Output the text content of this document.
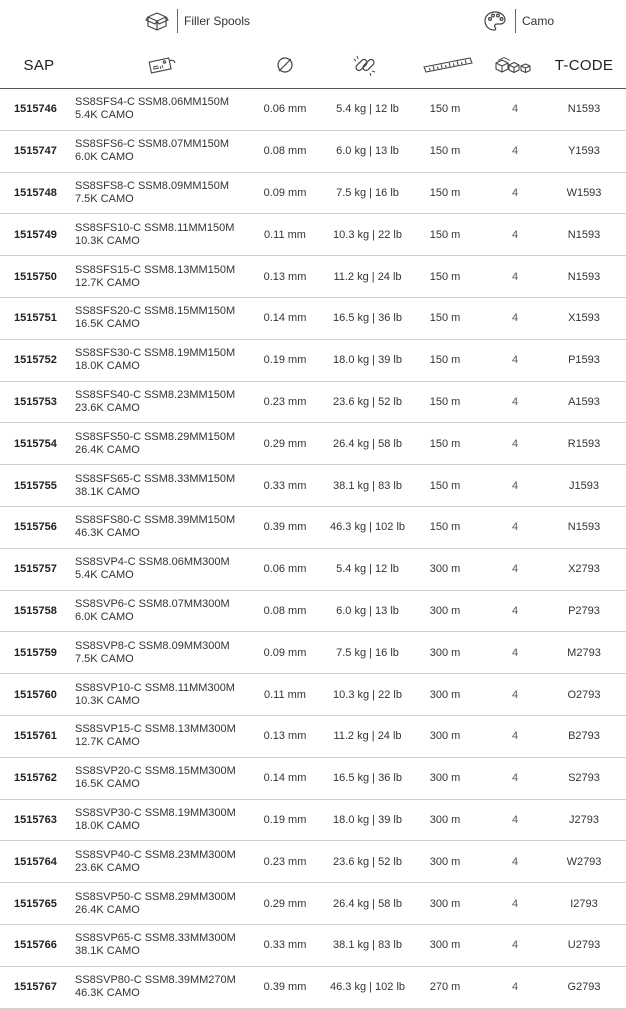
Filler Spools	Camo
SAP	T-CODE
1515746
SS8SFS4-C SSM8.06MM150M
5.4K CAMO	0.06 mm	5.4 kg | 12 lb	150 m	4	N1593
1515747
SS8SFS6-C SSM8.07MM150M
6.0K CAMO	0.08 mm	6.0 kg | 13 lb	150 m	4	Y1593
1515748
SS8SFS8-C SSM8.09MM150M
7.5K CAMO	0.09 mm	7.5 kg | 16 lb	150 m	4	W1593
1515749
SS8SFS10-C SSM8.11MM150M
10.3K CAMO	0.11 mm	10.3 kg | 22 lb	150 m	4	N1593
1515750
SS8SFS15-C SSM8.13MM150M
12.7K CAMO	0.13 mm	11.2 kg | 24 lb	150 m	4	N1593
1515751
SS8SFS20-C SSM8.15MM150M
16.5K CAMO	0.14 mm	16.5 kg | 36 lb	150 m	4	X1593
1515752
SS8SFS30-C SSM8.19MM150M
18.0K CAMO	0.19 mm	18.0 kg | 39 lb	150 m	4	P1593
1515753
SS8SFS40-C SSM8.23MM150M
23.6K CAMO	0.23 mm	23.6 kg | 52 lb	150 m	4	A1593
1515754
SS8SFS50-C SSM8.29MM150M
26.4K CAMO	0.29 mm	26.4 kg | 58 lb	150 m	4	R1593
1515755
SS8SFS65-C SSM8.33MM150M
38.1K CAMO	0.33 mm	38.1 kg | 83 lb	150 m	4	J1593
1515756
SS8SFS80-C SSM8.39MM150M
46.3K CAMO	0.39 mm	46.3 kg | 102 lb	150 m	4	N1593
1515757
SS8SVP4-C SSM8.06MM300M
5.4K CAMO	0.06 mm	5.4 kg | 12 lb	300 m	4	X2793
1515758
SS8SVP6-C SSM8.07MM300M
6.0K CAMO	0.08 mm	6.0 kg | 13 lb	300 m	4	P2793
1515759
SS8SVP8-C SSM8.09MM300M
7.5K CAMO	0.09 mm	7.5 kg | 16 lb	300 m	4	M2793
1515760
SS8SVP10-C SSM8.11MM300M
10.3K CAMO	0.11 mm	10.3 kg | 22 lb	300 m	4	O2793
1515761
SS8SVP15-C SSM8.13MM300M
12.7K CAMO	0.13 mm	11.2 kg | 24 lb	300 m	4	B2793
1515762
SS8SVP20-C SSM8.15MM300M
16.5K CAMO	0.14 mm	16.5 kg | 36 lb	300 m	4	S2793
1515763
SS8SVP30-C SSM8.19MM300M
18.0K CAMO	0.19 mm	18.0 kg | 39 lb	300 m	4	J2793
1515764
SS8SVP40-C SSM8.23MM300M
23.6K CAMO	0.23 mm	23.6 kg | 52 lb	300 m	4	W2793
1515765
SS8SVP50-C SSM8.29MM300M
26.4K CAMO	0.29 mm	26.4 kg | 58 lb	300 m	4	I2793
1515766
SS8SVP65-C SSM8.33MM300M
38.1K CAMO	0.33 mm	38.1 kg | 83 lb	300 m	4	U2793
1515767
SS8SVP80-C SSM8.39MM270M
46.3K CAMO	0.39 mm	46.3 kg | 102 lb	270 m	4	G2793
